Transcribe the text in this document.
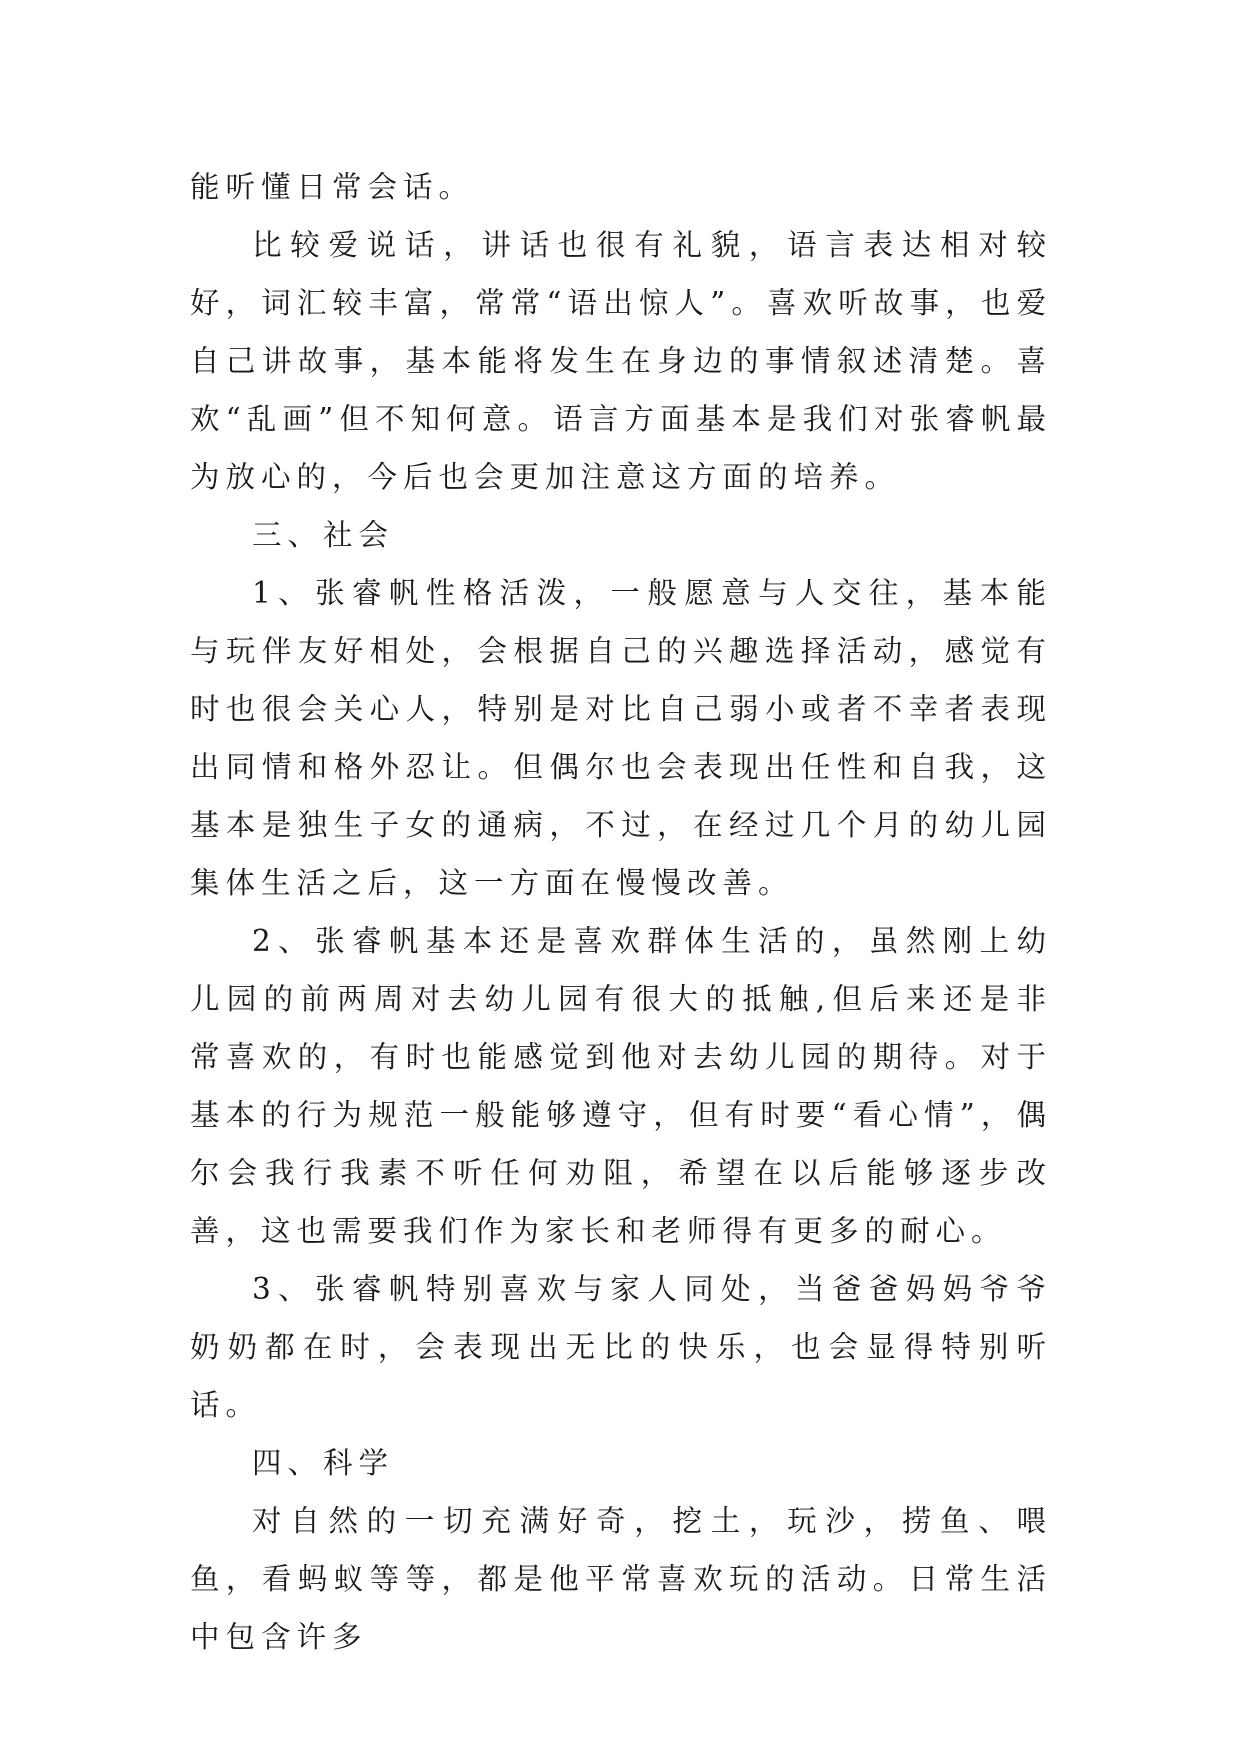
能听懂日常会话。

比较爱说话，讲话也很有礼貌，语言表达相对较好，词汇较丰富，常常“语出惊人”。喜欢听故事，也爱自己讲故事，基本能将发生在身边的事情叙述清楚。喜欢“乱画”但不知何意。语言方面基本是我们对张睿帆最为放心的，今后也会更加注意这方面的培养。

三、社会

1、张睿帆性格活泼，一般愿意与人交往，基本能与玩伴友好相处，会根据自己的兴趣选择活动，感觉有时也很会关心人，特别是对比自己弱小或者不幸者表现出同情和格外忍让。但偶尔也会表现出任性和自我，这基本是独生子女的通病，不过，在经过几个月的幼儿园集体生活之后，这一方面在慢慢改善。

2、张睿帆基本还是喜欢群体生活的，虽然刚上幼儿园的前两周对去幼儿园有很大的抵触,但后来还是非常喜欢的，有时也能感觉到他对去幼儿园的期待。对于基本的行为规范一般能够遵守，但有时要“看心情”，偶尔会我行我素不听任何劝阻，希望在以后能够逐步改善，这也需要我们作为家长和老师得有更多的耐心。

3、张睿帆特别喜欢与家人同处，当爸爸妈妈爷爷奶奶都在时，会表现出无比的快乐，也会显得特别听话。

四、科学

对自然的一切充满好奇，挖土，玩沙，捞鱼、喂鱼，看蚂蚁等等，都是他平常喜欢玩的活动。日常生活中包含许多
